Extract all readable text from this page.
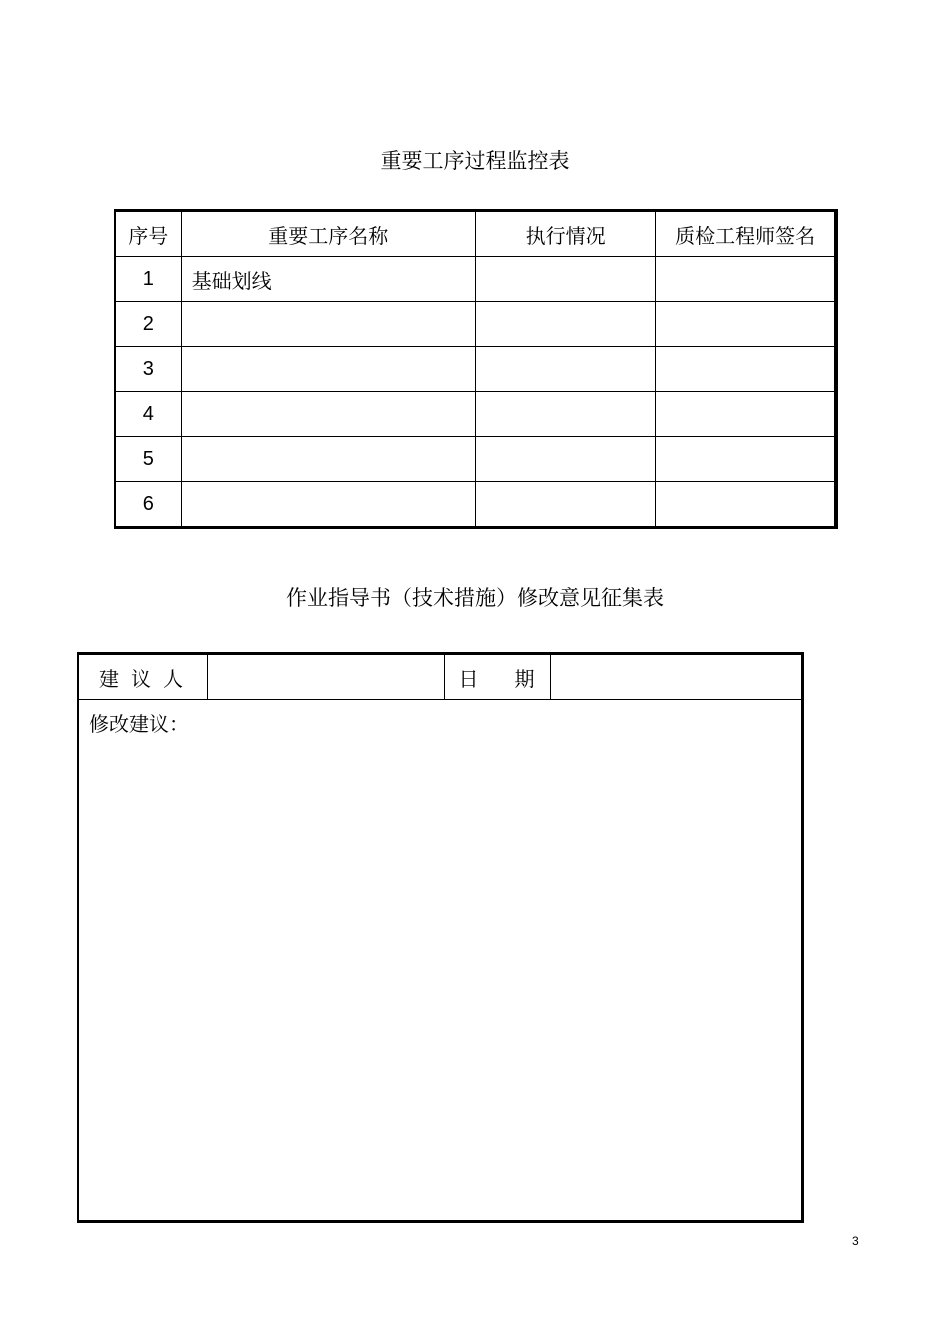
重要工序过程监控表
序号	重要工序名称	执行情况	质检工程师签名
1	基础划线		
2			
3			
4			
5			
6			
作业指导书（技术措施）修改意见征集表
建议人		日 期	

修改建议：
3
